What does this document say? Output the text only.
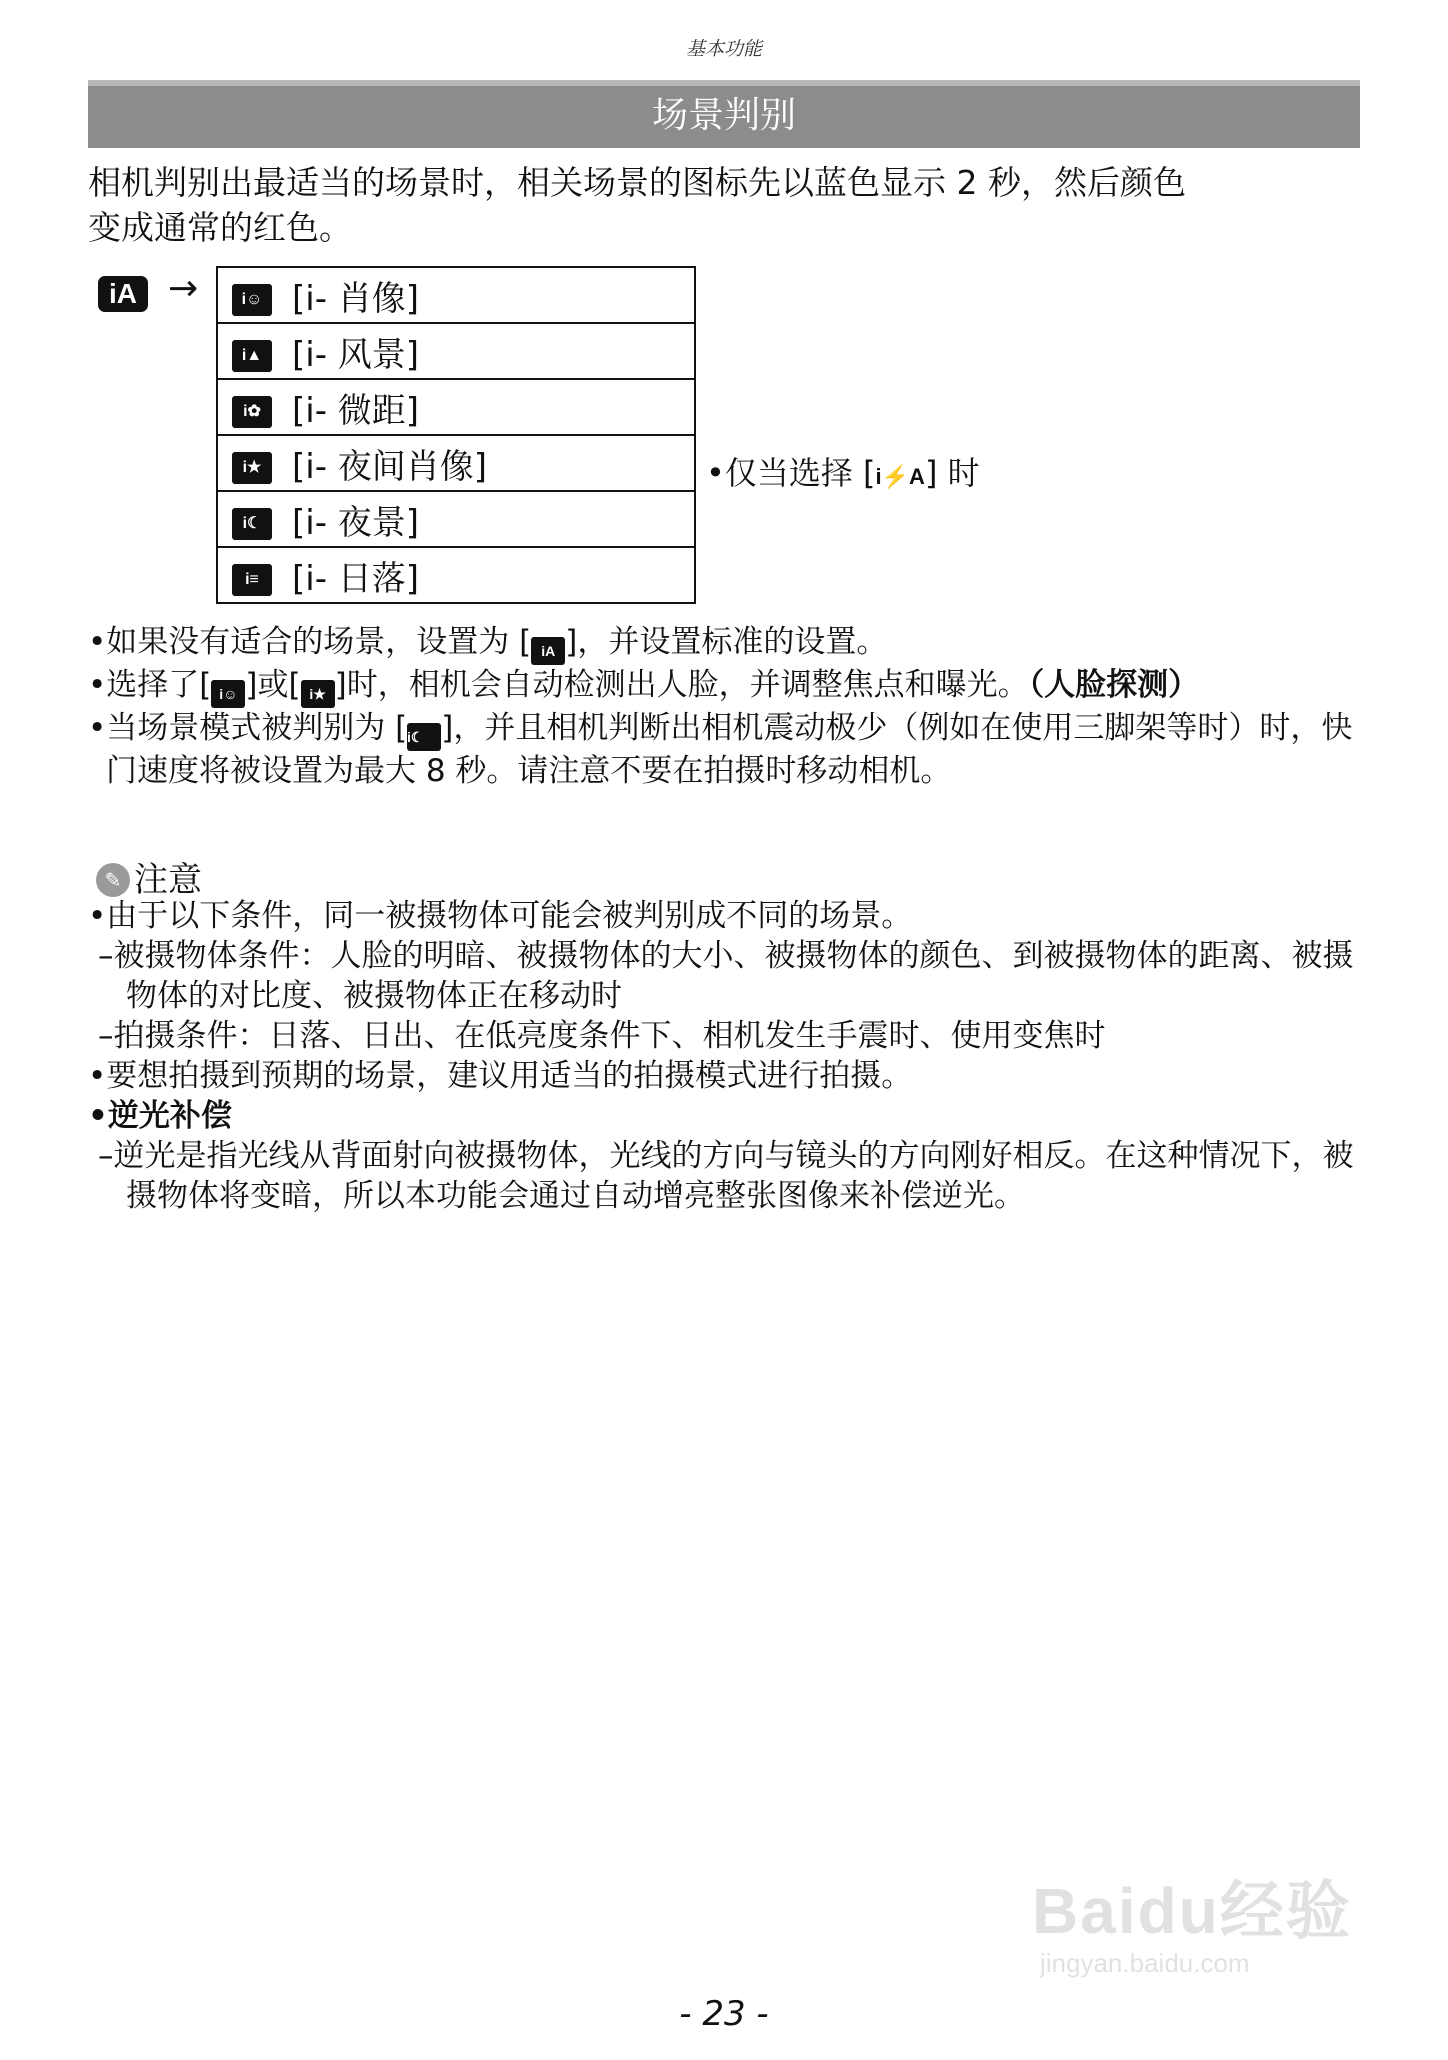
基本功能
场景判别
相机判别出最适当的场景时，相关场景的图标先以蓝色显示 2 秒，然后颜色
变成通常的红色。
iA →	i☺ [i- 肖像]
i▲ [i- 风景]
i✿ [i- 微距]
i★ [i- 夜间肖像]
i☾ [i- 夜景]
i≡ [i- 日落]
•仅当选择 [i⚡A] 时
•如果没有适合的场景，设置为 [ iA ]，并设置标准的设置。
•选择了[ i☺ ]或[ i★ ]时，相机会自动检测出人脸，并调整焦点和曝光。（人脸探测）
•当场景模式被判别为 [i☾ ]，并且相机判断出相机震动极少（例如在使用三脚架等时）时，快门速度将被设置为最大 8 秒。请注意不要在拍摄时移动相机。
✎ 注意
•由于以下条件，同一被摄物体可能会被判别成不同的场景。
–被摄物体条件：人脸的明暗、被摄物体的大小、被摄物体的颜色、到被摄物体的距离、被摄物体的对比度、被摄物体正在移动时
–拍摄条件：日落、日出、在低亮度条件下、相机发生手震时、使用变焦时
•要想拍摄到预期的场景，建议用适当的拍摄模式进行拍摄。
•逆光补偿
–逆光是指光线从背面射向被摄物体，光线的方向与镜头的方向刚好相反。在这种情况下，被摄物体将变暗，所以本功能会通过自动增亮整张图像来补偿逆光。
Baidu经验
jingyan.baidu.com
- 23 -
